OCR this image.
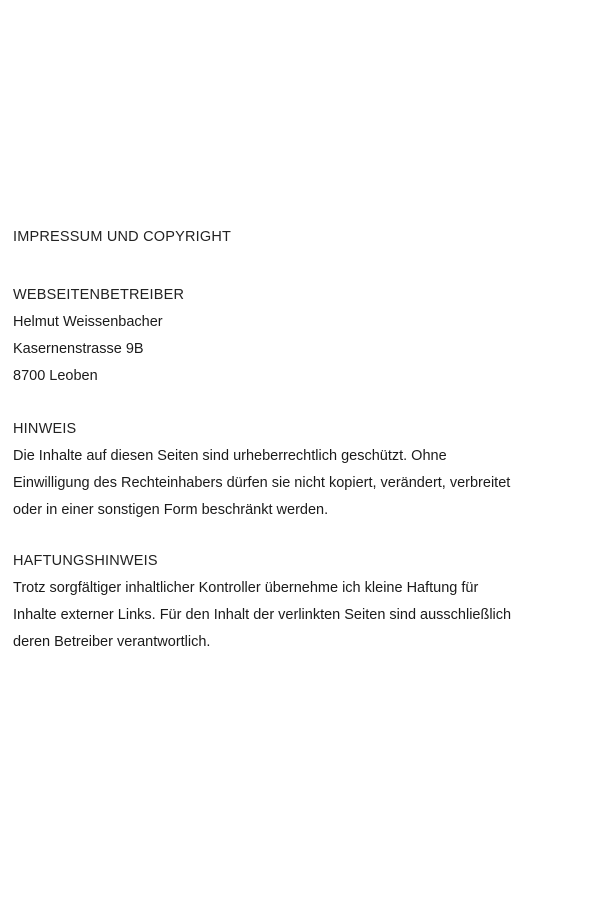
IMPRESSUM UND COPYRIGHT
WEBSEITENBETREIBER
Helmut Weissenbacher
Kasernenstrasse 9B
8700 Leoben
HINWEIS

Die Inhalte auf diesen Seiten sind urheberrechtlich geschützt. Ohne Einwilligung des Rechteinhabers dürfen sie nicht kopiert, verändert, verbreitet oder in einer sonstigen Form beschränkt werden.

HAFTUNGSHINWEIS

Trotz sorgfältiger inhaltlicher Kontroller übernehme ich kleine Haftung für Inhalte externer Links. Für den Inhalt der verlinkten Seiten sind ausschließlich deren Betreiber verantwortlich.
